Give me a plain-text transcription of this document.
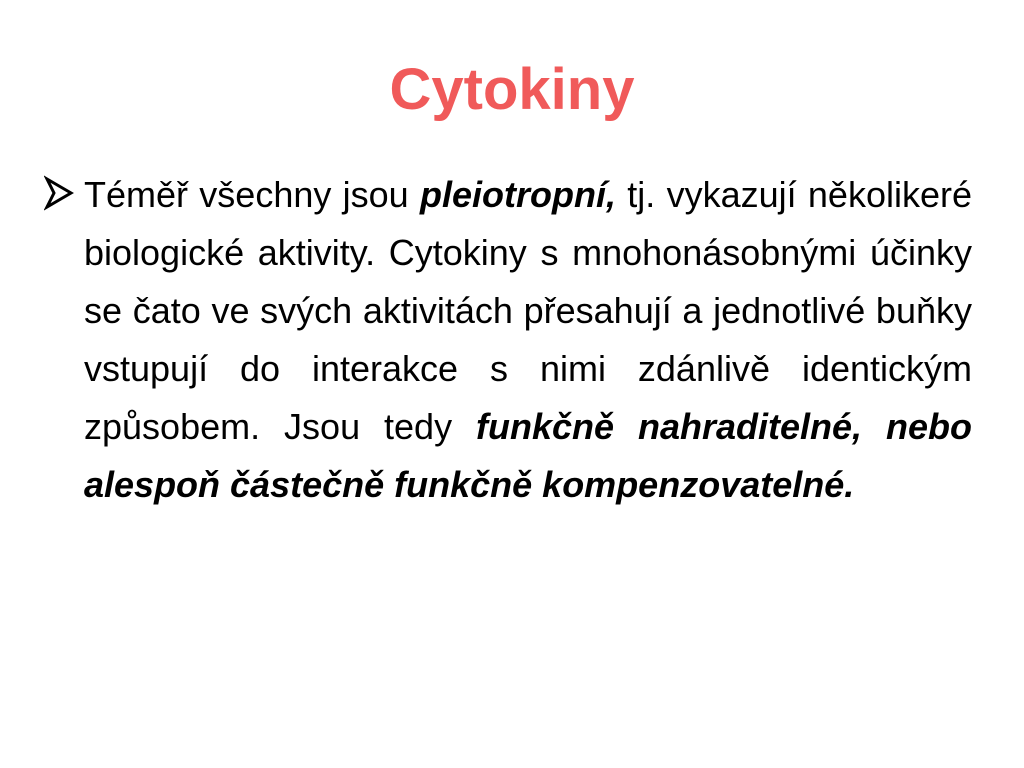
Cytokiny
Téměř všechny jsou pleiotropní, tj. vykazují několikeré biologické aktivity. Cytokiny s mnohonásobnými účinky se čato ve svých aktivitách přesahují a jednotlivé buňky vstupují do interakce s nimi zdánlivě identickým způsobem. Jsou tedy funkčně nahraditelné, nebo alespoň částečně funkčně kompenzovatelné.
